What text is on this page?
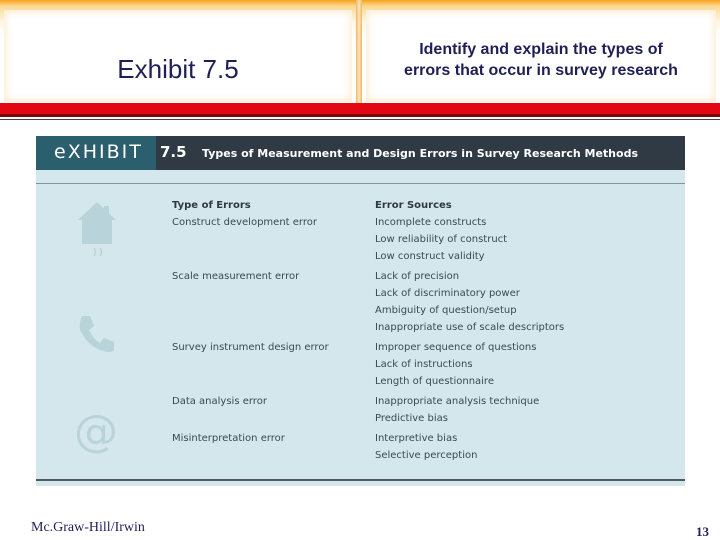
Exhibit 7.5
Identify and explain the types of
errors that occur in survey research
eXHIBIT 7.5 Types of Measurement and Design Errors in Survey Research Methods
@
Type of Errors	Error Sources
Construct development error	Incomplete constructs
Low reliability of construct
Low construct validity
Scale measurement error	Lack of precision
Lack of discriminatory power
Ambiguity of question/setup
Inappropriate use of scale descriptors
Survey instrument design error	Improper sequence of questions
Lack of instructions
Length of questionnaire
Data analysis error	Inappropriate analysis technique
Predictive bias
Misinterpretation error	Interpretive bias
Selective perception
Mc.Graw-Hill/Irwin	13
